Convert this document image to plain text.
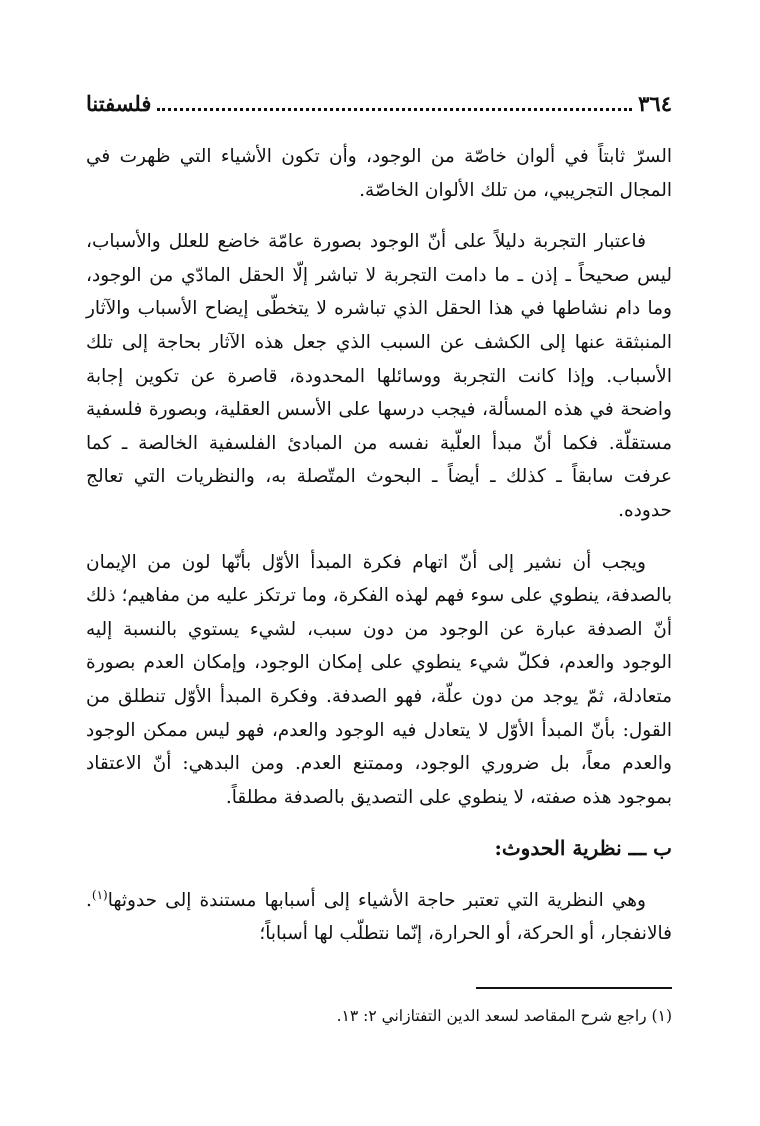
٣٦٤
فلسفتنا

السرّ ثابتاً في ألوان خاصّة من الوجود، وأن تكون الأشياء التي ظهرت في المجال التجريبي، من تلك الألوان الخاصّة.

فاعتبار التجربة دليلاً على أنّ الوجود بصورة عامّة خاضع للعلل والأسباب، ليس صحيحاً ـ إذن ـ ما دامت التجربة لا تباشر إلّا الحقل المادّي من الوجود، وما دام نشاطها في هذا الحقل الذي تباشره لا يتخطّى إيضاح الأسباب والآثار المنبثقة عنها إلى الكشف عن السبب الذي جعل هذه الآثار بحاجة إلى تلك الأسباب. وإذا كانت التجربة ووسائلها المحدودة، قاصرة عن تكوين إجابة واضحة في هذه المسألة، فيجب درسها على الأسس العقلية، وبصورة فلسفية مستقلّة. فكما أنّ مبدأ العلّية نفسه من المبادئ الفلسفية الخالصة ـ كما عرفت سابقاً ـ كذلك ـ أيضاً ـ البحوث المتّصلة به، والنظريات التي تعالج حدوده.

ويجب أن نشير إلى أنّ اتهام فكرة المبدأ الأوّل بأنّها لون من الإيمان بالصدفة، ينطوي على سوء فهم لهذه الفكرة، وما ترتكز عليه من مفاهيم؛ ذلك أنّ الصدفة عبارة عن الوجود من دون سبب، لشيء يستوي بالنسبة إليه الوجود والعدم، فكلّ شيء ينطوي على إمكان الوجود، وإمكان العدم بصورة متعادلة، ثمّ يوجد من دون علّة، فهو الصدفة. وفكرة المبدأ الأوّل تنطلق من القول: بأنّ المبدأ الأوّل لا يتعادل فيه الوجود والعدم، فهو ليس ممكن الوجود والعدم معاً، بل ضروري الوجود، وممتنع العدم. ومن البدهي: أنّ الاعتقاد بموجود هذه صفته، لا ينطوي على التصديق بالصدفة مطلقاً.

ب ـــ نظرية الحدوث:

وهي النظرية التي تعتبر حاجة الأشياء إلى أسبابها مستندة إلى حدوثها$^{(١)}$. فالانفجار، أو الحركة، أو الحرارة، إنّما نتطلّب لها أسباباً؛

(١) راجع شرح المقاصد لسعد الدين التفتازاني ٢: ١٣.
